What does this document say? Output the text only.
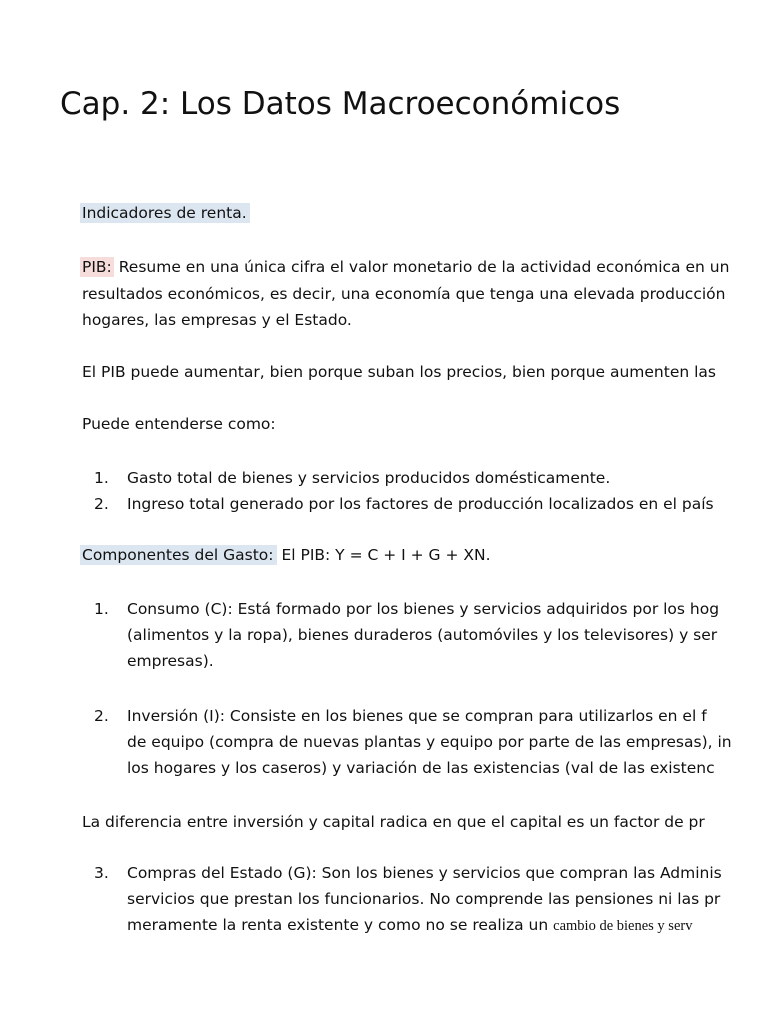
Cap. 2: Los Datos Macroeconómicos
Indicadores de renta.
PIB: Resume en una única cifra el valor monetario de la actividad económica en un
resultados económicos, es decir, una economía que tenga una elevada producción
hogares, las empresas y el Estado.
El PIB puede aumentar, bien porque suban los precios, bien porque aumenten las
Puede entenderse como:
1. Gasto total de bienes y servicios producidos domésticamente.
2. Ingreso total generado por los factores de producción localizados en el país
Componentes del Gasto: El PIB: Y = C + I + G + XN.
1. Consumo (C): Está formado por los bienes y servicios adquiridos por los hog
(alimentos y la ropa), bienes duraderos (automóviles y los televisores) y ser
empresas).
2. Inversión (I): Consiste en los bienes que se compran para utilizarlos en el f
de equipo (compra de nuevas plantas y equipo por parte de las empresas), in
los hogares y los caseros) y variación de las existencias (val de las existenc
La diferencia entre inversión y capital radica en que el capital es un factor de pr
3. Compras del Estado (G): Son los bienes y servicios que compran las Adminis
servicios que prestan los funcionarios. No comprende las pensiones ni las pr
meramente la renta existente y como no se realiza un cambio de bienes y serv
